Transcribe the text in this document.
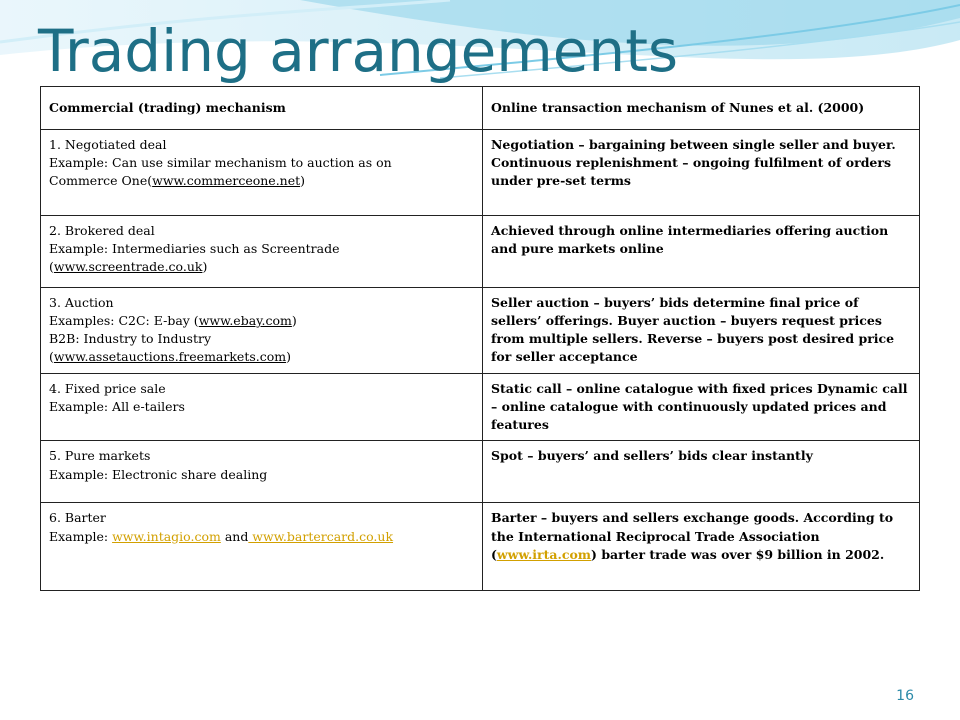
Trading arrangements
Commercial (trading) mechanism	Online transaction mechanism of Nunes et al. (2000)

1. Negotiated deal
Example: Can use similar mechanism to auction as on
Commerce One(www.commerceone.net)	Negotiation – bargaining between single seller and buyer. Continuous replenishment – ongoing fulfilment of orders under pre-set terms

2. Brokered deal
Example: Intermediaries such as Screentrade
(www.screentrade.co.uk)	Achieved through online intermediaries offering auction and pure markets online

3. Auction
Examples: C2C: E-bay (www.ebay.com)
B2B: Industry to Industry
(www.assetauctions.freemarkets.com)	Seller auction – buyers’ bids determine final price of sellers’ offerings. Buyer auction – buyers request prices from multiple sellers. Reverse – buyers post desired price for seller acceptance

4. Fixed price sale
Example: All e-tailers	Static call – online catalogue with fixed prices Dynamic call – online catalogue with continuously updated prices and features

5. Pure markets
Example: Electronic share dealing	Spot – buyers’ and sellers’ bids clear instantly

6. Barter
Example: www.intagio.com and www.bartercard.co.uk	Barter – buyers and sellers exchange goods. According to the International Reciprocal Trade Association (www.irta.com) barter trade was over $9 billion in 2002.
16
